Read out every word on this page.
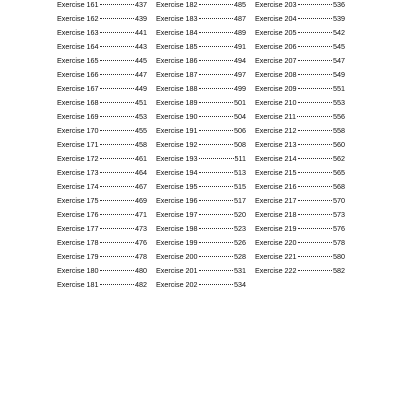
Exercise 161	437
Exercise 162	439
Exercise 163	441
Exercise 164	443
Exercise 165	445
Exercise 166	447
Exercise 167	449
Exercise 168	451
Exercise 169	453
Exercise 170	455
Exercise 171	458
Exercise 172	461
Exercise 173	464
Exercise 174	467
Exercise 175	469
Exercise 176	471
Exercise 177	473
Exercise 178	476
Exercise 179	478
Exercise 180	480
Exercise 181	482
Exercise 182	485
Exercise 183	487
Exercise 184	489
Exercise 185	491
Exercise 186	494
Exercise 187	497
Exercise 188	499
Exercise 189	501
Exercise 190	504
Exercise 191	506
Exercise 192	508
Exercise 193	511
Exercise 194	513
Exercise 195	515
Exercise 196	517
Exercise 197	520
Exercise 198	523
Exercise 199	526
Exercise 200	528
Exercise 201	531
Exercise 202	534
Exercise 203	536
Exercise 204	539
Exercise 205	542
Exercise 206	545
Exercise 207	547
Exercise 208	549
Exercise 209	551
Exercise 210	553
Exercise 211	556
Exercise 212	558
Exercise 213	560
Exercise 214	562
Exercise 215	565
Exercise 216	568
Exercise 217	570
Exercise 218	573
Exercise 219	576
Exercise 220	578
Exercise 221	580
Exercise 222	582
